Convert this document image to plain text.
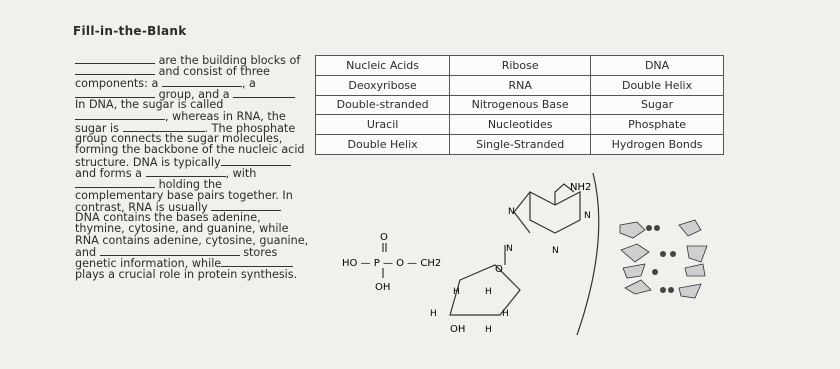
Fill-in-the-Blank
are the building blocks of
and consist of three
components: a	, a
group, and a
In DNA, the sugar is called
, whereas in RNA, the
sugar is	. The phosphate
group connects the sugar molecules,
forming the backbone of the nucleic acid
structure. DNA is typically
and forms a	, with
holding the
complementary base pairs together. In
contrast, RNA is usually
DNA contains the bases adenine,
thymine, cytosine, and guanine, while
RNA contains adenine, cytosine, guanine,
and	stores
genetic information, while
plays a crucial role in protein synthesis.
Nucleic Acids	Ribose	DNA
Deoxyribose	RNA	Double Helix
Double-stranded	Nitrogenous Base	Sugar
Uracil	Nucleotides	Phosphate
Double Helix	Single-Stranded	Hydrogen Bonds
NH2
N	N
N	N
O
HO — P — O — CH2
OH
O
H	H
H	H
OH H
